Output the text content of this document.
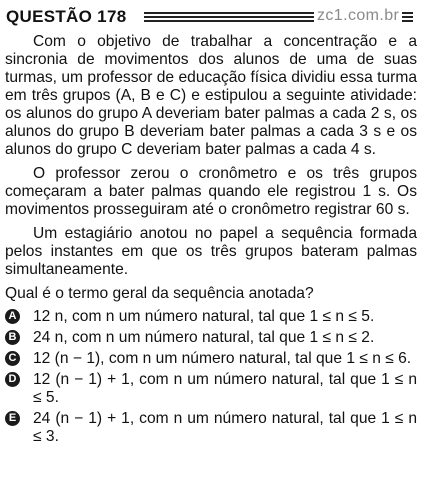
QUESTÃO 178	zc1.com.br

Com o objetivo de trabalhar a concentração e a sincronia de movimentos dos alunos de uma de suas turmas, um professor de educação física dividiu essa turma em três grupos (A, B e C) e estipulou a seguinte atividade: os alunos do grupo A deveriam bater palmas a cada 2 s, os alunos do grupo B deveriam bater palmas a cada 3 s e os alunos do grupo C deveriam bater palmas a cada 4 s.

O professor zerou o cronômetro e os três grupos começaram a bater palmas quando ele registrou 1 s. Os movimentos prosseguiram até o cronômetro registrar 60 s.

Um estagiário anotou no papel a sequência formada pelos instantes em que os três grupos bateram palmas simultaneamente.

Qual é o termo geral da sequência anotada?

A 12 n, com n um número natural, tal que 1 ≤ n ≤ 5.
B 24 n, com n um número natural, tal que 1 ≤ n ≤ 2.
C 12 (n − 1), com n um número natural, tal que 1 ≤ n ≤ 6.
D 12 (n − 1) + 1, com n um número natural, tal que 1 ≤ n ≤ 5.
E 24 (n − 1) + 1, com n um número natural, tal que 1 ≤ n ≤ 3.
